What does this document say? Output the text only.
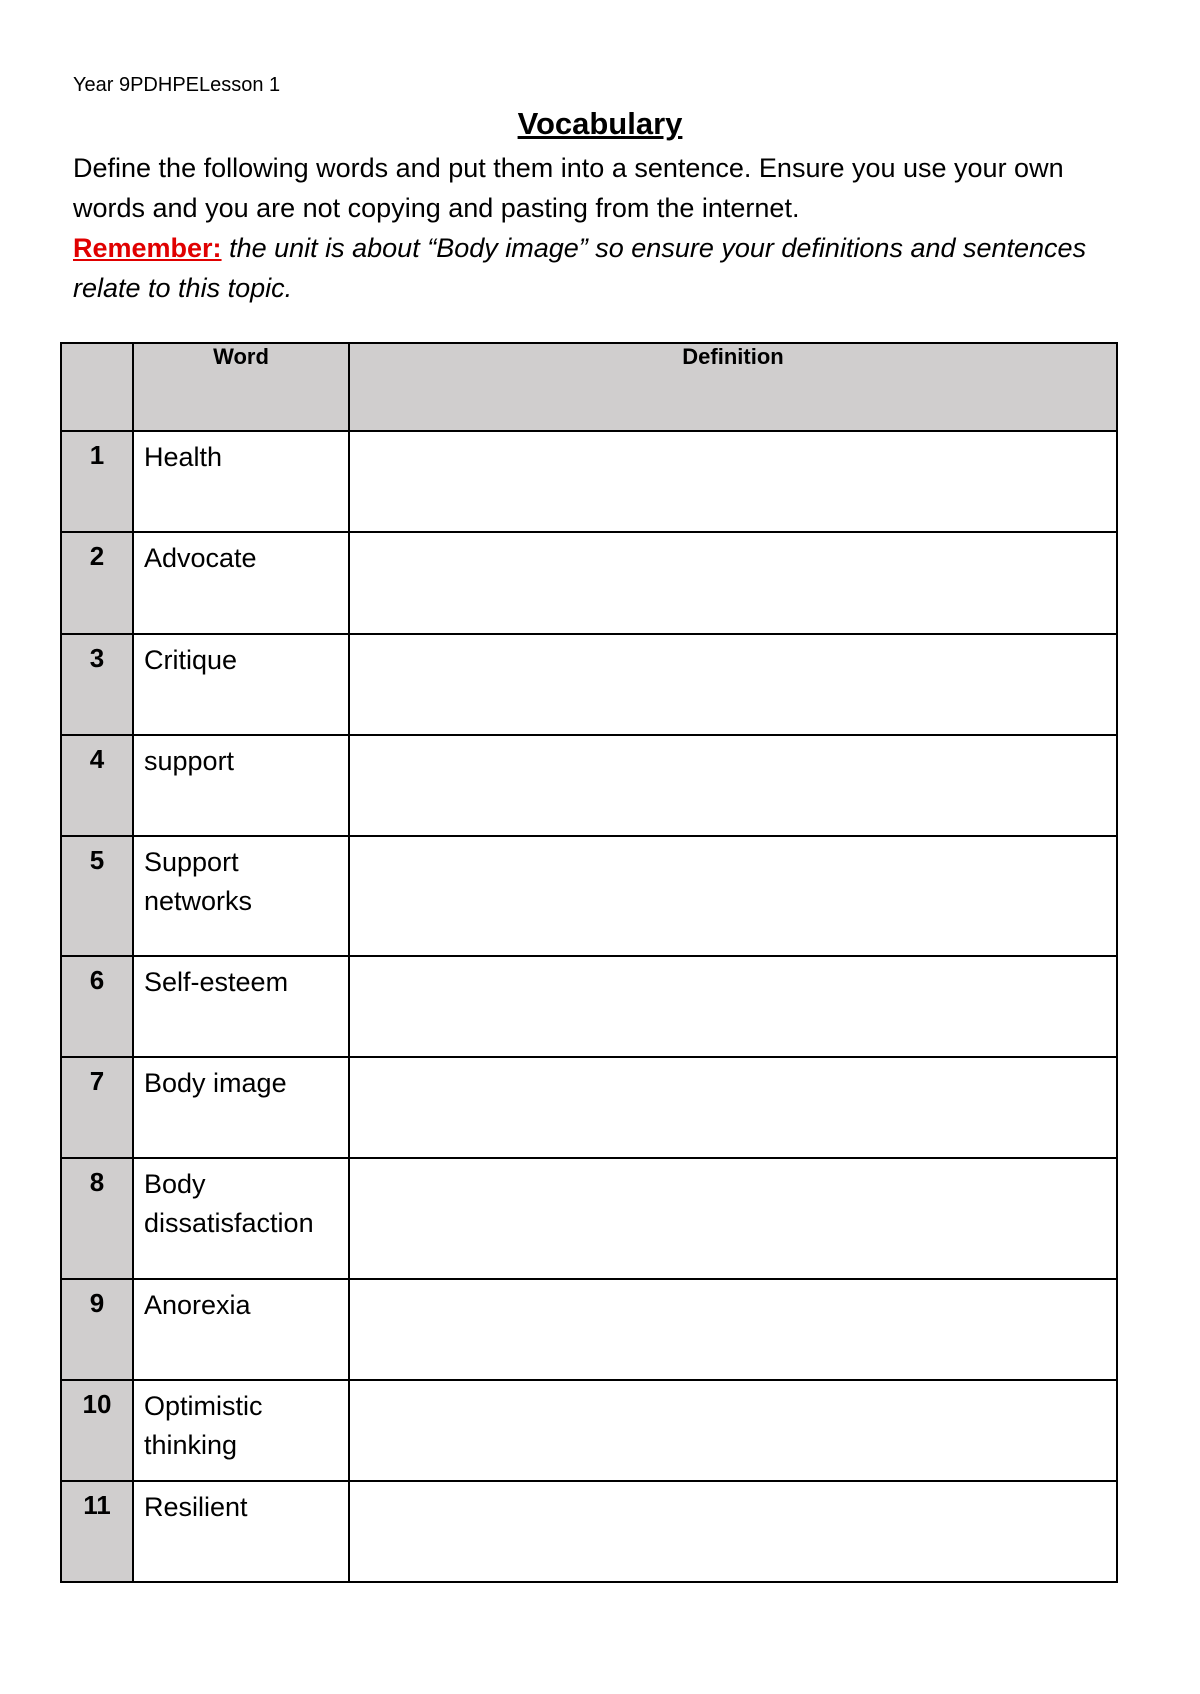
Year 9PDHPELesson 1
Vocabulary

Define the following words and put them into a sentence. Ensure you use your own words and you are not copying and pasting from the internet.

Remember: the unit is about “Body image” so ensure your definitions and sentences relate to this topic.

	Word	Definition
1	Health	
2	Advocate	
3	Critique	
4	support	
5	Support networks	
6	Self-esteem	
7	Body image	
8	Body dissatisfaction	
9	Anorexia	
10	Optimistic thinking	
11	Resilient	
